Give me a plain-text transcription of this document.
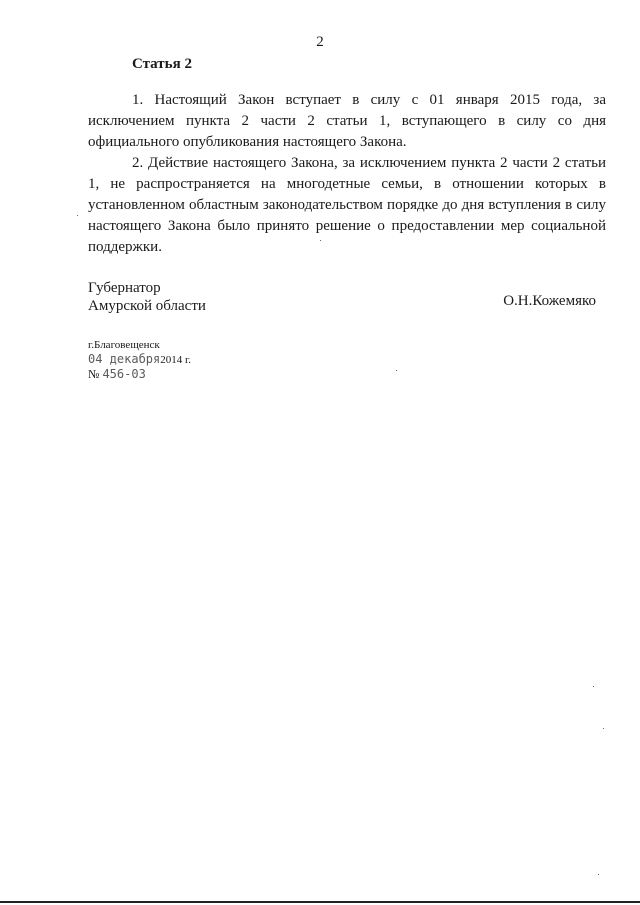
2
Статья 2

1. Настоящий Закон вступает в силу с 01 января 2015 года, за исключением пункта 2 части 2 статьи 1, вступающего в силу со дня официального опубликования настоящего Закона.

2. Действие настоящего Закона, за исключением пункта 2 части 2 статьи 1, не распространяется на многодетные семьи, в отношении которых в установленном областным законодательством порядке до дня вступления в силу настоящего Закона было принято решение о предоставлении мер социальной поддержки.

Губернатор
Амурской области	О.Н.Кожемяко
г.Благовещенск
04 декабря2014 г.
№ 456-03
